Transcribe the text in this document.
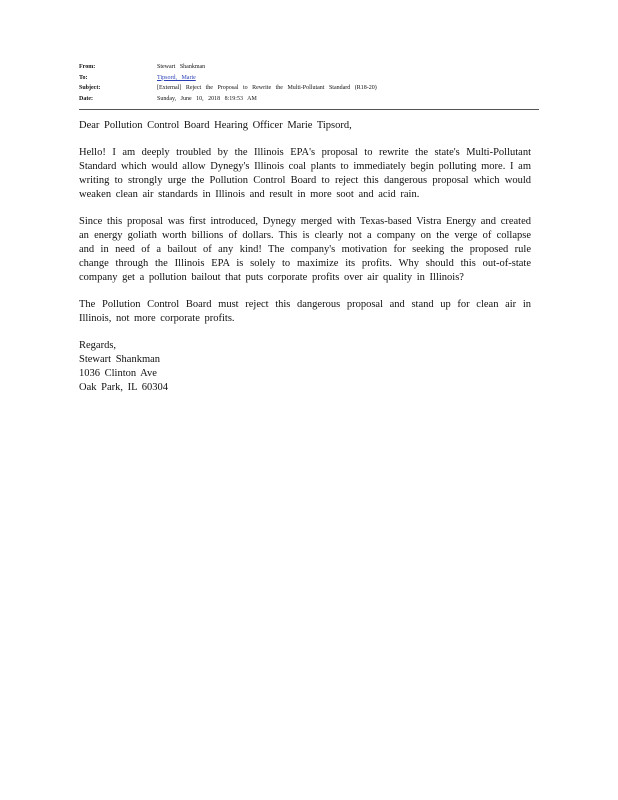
From:	Stewart Shankman
To:	Tipsord, Marie
Subject:	[External] Reject the Proposal to Rewrite the Multi-Pollutant Standard (R18-20)
Date:	Sunday, June 10, 2018 8:19:53 AM

Dear Pollution Control Board Hearing Officer Marie Tipsord,

Hello! I am deeply troubled by the Illinois EPA's proposal to rewrite the state's Multi-Pollutant Standard which would allow Dynegy's Illinois coal plants to immediately begin polluting more. I am writing to strongly urge the Pollution Control Board to reject this dangerous proposal which would weaken clean air standards in Illinois and result in more soot and acid rain.

Since this proposal was first introduced, Dynegy merged with Texas-based Vistra Energy and created an energy goliath worth billions of dollars. This is clearly not a company on the verge of collapse and in need of a bailout of any kind! The company's motivation for seeking the proposed rule change through the Illinois EPA is solely to maximize its profits. Why should this out-of-state company get a pollution bailout that puts corporate profits over air quality in Illinois?

The Pollution Control Board must reject this dangerous proposal and stand up for clean air in Illinois, not more corporate profits.

Regards,
Stewart Shankman
1036 Clinton Ave
Oak Park, IL 60304
